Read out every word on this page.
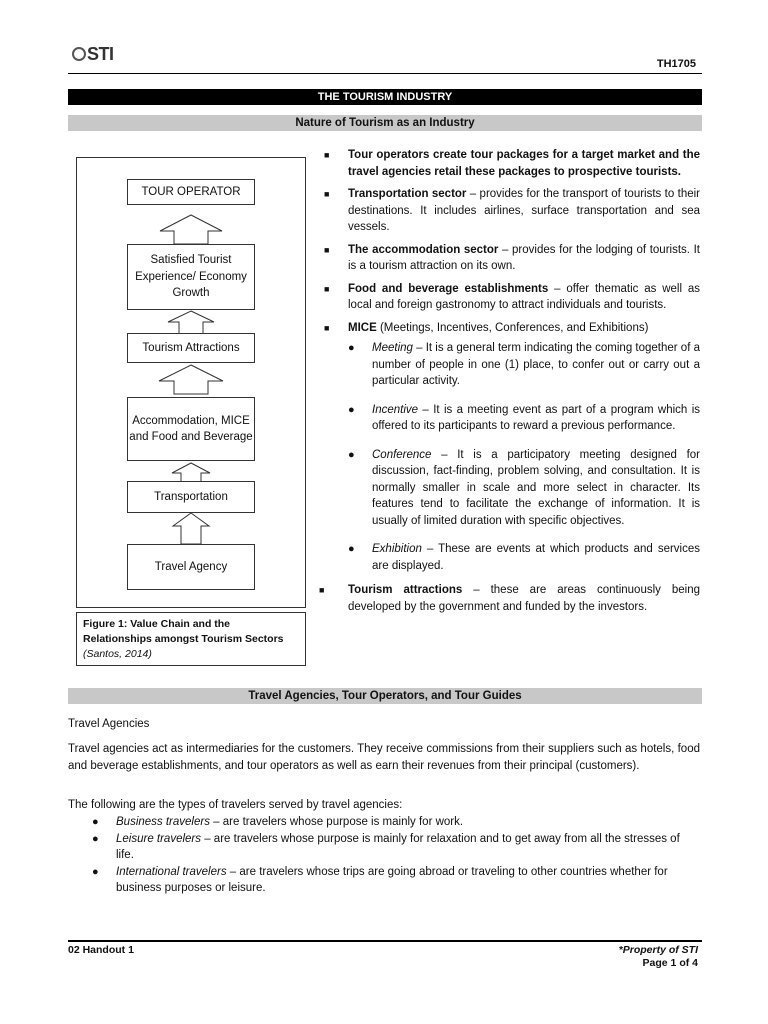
STI	TH1705
THE TOURISM INDUSTRY
Nature of Tourism as an Industry
TOUR OPERATOR
Satisfied Tourist Experience/ Economy Growth
Tourism Attractions
Accommodation, MICE and Food and Beverage
Transportation
Travel Agency
Figure 1: Value Chain and the Relationships amongst Tourism Sectors
(Santos, 2014)
■ Tour operators create tour packages for a target market and the travel agencies retail these packages to prospective tourists.
■ Transportation sector – provides for the transport of tourists to their destinations. It includes airlines, surface transportation and sea vessels.
■ The accommodation sector – provides for the lodging of tourists. It is a tourism attraction on its own.
■ Food and beverage establishments – offer thematic as well as local and foreign gastronomy to attract individuals and tourists.
■ MICE (Meetings, Incentives, Conferences, and Exhibitions)
● Meeting – It is a general term indicating the coming together of a number of people in one (1) place, to confer out or carry out a particular activity.
● Incentive – It is a meeting event as part of a program which is offered to its participants to reward a previous performance.
● Conference – It is a participatory meeting designed for discussion, fact-finding, problem solving, and consultation. It is normally smaller in scale and more select in character. Its features tend to facilitate the exchange of information. It is usually of limited duration with specific objectives.
● Exhibition – These are events at which products and services are displayed.
■ Tourism attractions – these are areas continuously being developed by the government and funded by the investors.
Travel Agencies, Tour Operators, and Tour Guides
Travel Agencies
Travel agencies act as intermediaries for the customers. They receive commissions from their suppliers such as hotels, food and beverage establishments, and tour operators as well as earn their revenues from their principal (customers).
The following are the types of travelers served by travel agencies:
● Business travelers – are travelers whose purpose is mainly for work.
● Leisure travelers – are travelers whose purpose is mainly for relaxation and to get away from all the stresses of life.
● International travelers – are travelers whose trips are going abroad or traveling to other countries whether for business purposes or leisure.
02 Handout 1	*Property of STI
Page 1 of 4
